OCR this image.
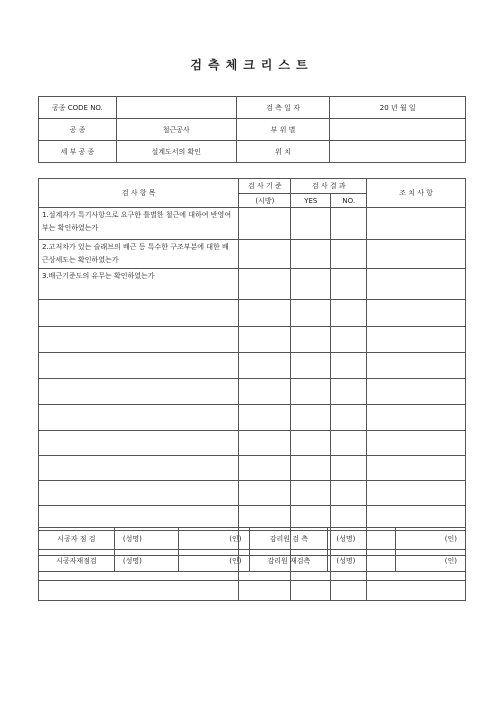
검측체크리스트
공종 CODE NO.		검 측 일 자	20 년 월 일
공 종	철근공사	부 위 별	
세 부 공 종	설계도서의 확인	위 치	
검 사 항 목	검 사 기 준	검 사 결 과		조 치 사 항
	(시방)	YES	NO.	
1.설계자가 특기사항으로 요구한 틀별한 철근에 대하여 반영여부는 확인하였는가				
2.고저차가 있는 슬래브의 배근 등 특수한 구조부분에 대한 배근상세도는 확인하였는가				
3.배근기준도의 유무는 확인하였는가				

시공자 점 검	(성명)	(인)	감리원 검 측	(성명)	(인)
시공자재점검	(성명)	(인)	감리원 재검측	(성명)	(인)
